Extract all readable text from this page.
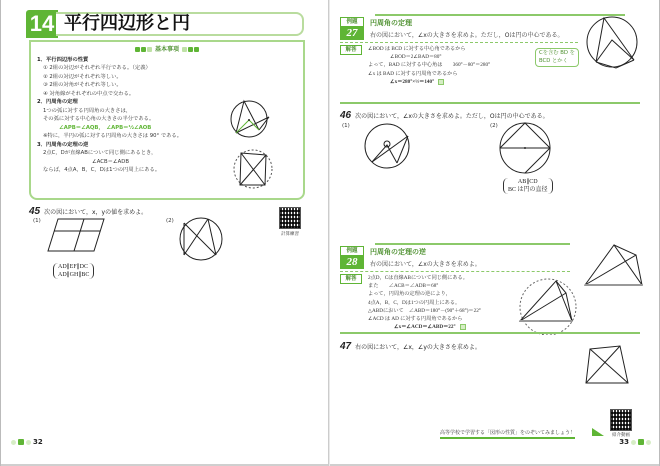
14 平行四辺形と円
基本事項
1．平行四辺形の性質
① 2組の対辺がそれぞれ平行である。（定義）
② 2組の対辺がそれぞれ等しい。
③ 2組の対角がそれぞれ等しい。
④ 対角線がそれぞれの中点で交わる。
2．円周角の定理
1つの弧に対する円周角の大きさは，
その弧に対する中心角の大きさの半分である。
∠APB＝∠AQB，　∠APB＝½∠AOB
※特に，半円の弧に対する円周角の大きさは 90° である。
3．円周角の定理の逆
2点C，Dが直線ABについて同じ側にあるとき，
∠ACB＝∠ADB
ならば，4点A，B，C，Dは1つの円周上にある。
45 次の図において，x，yの値を求めよ。
(1)
AD∥EF∥DC
AD∥GH∥BC
(2)
計算練習
32
例題
27
円周角の定理
右の図において，∠xの大きさを求めよ。ただし，Oは円の中心である。
解答	∠BOD は BCD に対する中心角であるから
∠BOD＝2∠BAD＝80°
よって，BAD に対する中心角は　　360°－80°＝280°
∠x は BAD に対する円周角であるから
∠x＝280°×½＝140°
Cを含む BD を
BCD とかく
46 次の図において，∠xの大きさを求めよ。ただし，Oは円の中心である。
(1)	(2)
AB∥CD
BC は円の直径
例題
28
円周角の定理の逆
右の図において，∠xの大きさを求めよ。
解答	2点D，Cは直線ABについて同じ側にある。
また　　∠ACB＝∠ADB＝68°
よって，円周角の定理の逆により，
4点A，B，C，Dは1つの円周上にある。
△ABDにおいて　∠ABD＝180°－(90°＋68°)＝22°
∠ACD は AD に対する円周角であるから
∠x＝∠ACD＝∠ABD＝22°
47 右の図において，∠x，∠yの大きさを求めよ。
高等学校で学習する「図形の性質」をのぞいてみましょう！	紹介動画
33
